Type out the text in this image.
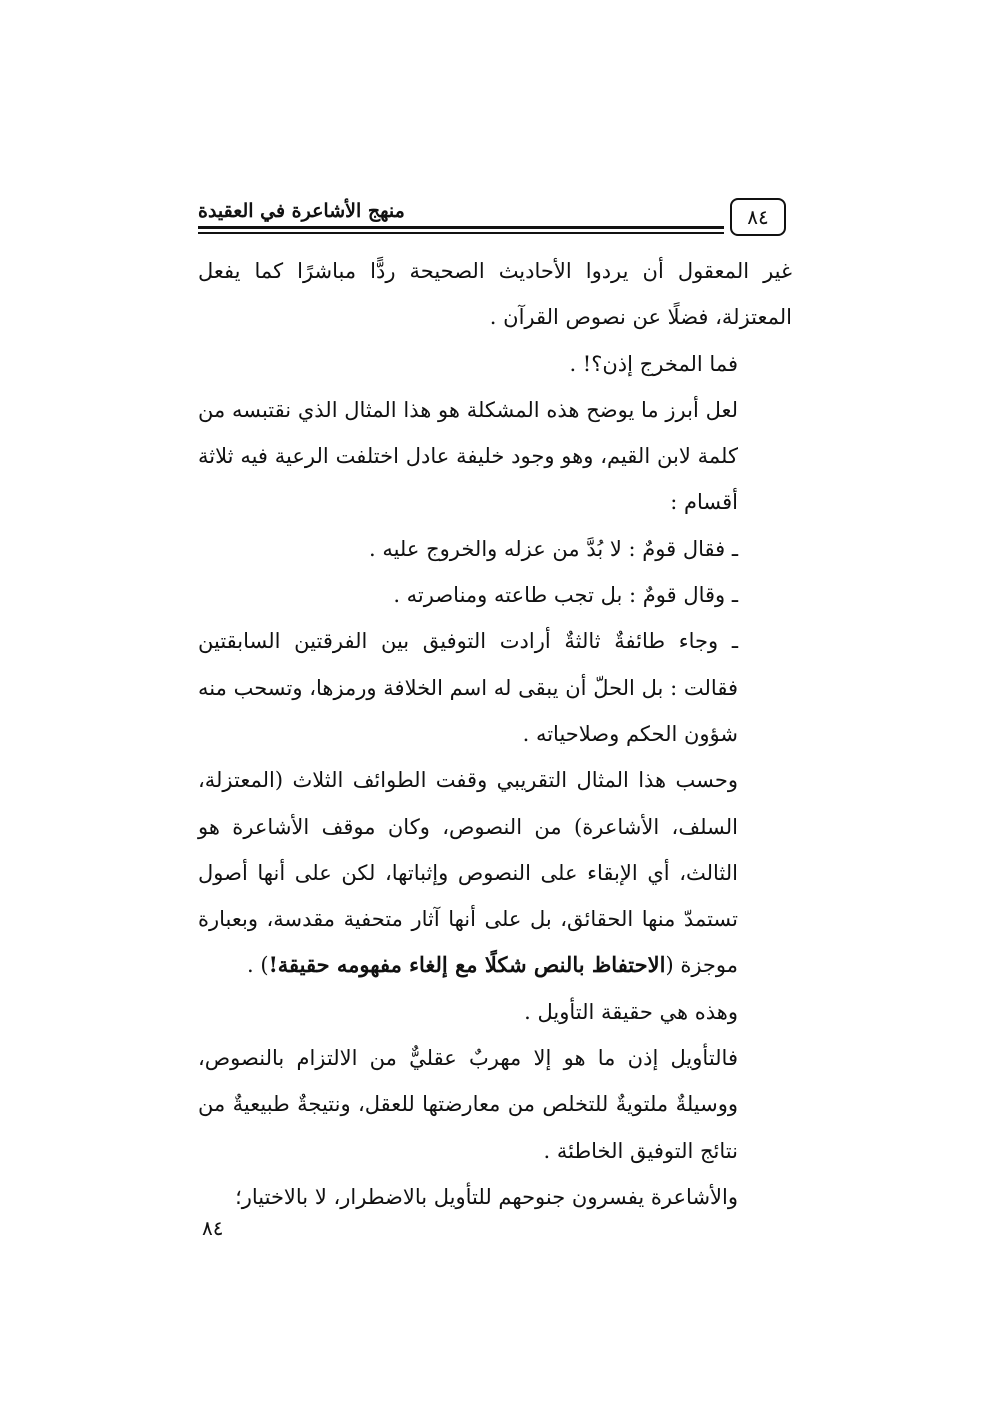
٨٤
منهج الأشاعرة في العقيدة

غير المعقول أن يردوا الأحاديث الصحيحة ردًّا مباشرًا كما يفعل المعتزلة، فضلًا عن نصوص القرآن .

فما المخرج إذن؟! .

لعل أبرز ما يوضح هذه المشكلة هو هذا المثال الذي نقتبسه من كلمة لابن القيم، وهو وجود خليفة عادل اختلفت الرعية فيه ثلاثة أقسام :

ـ فقال قومٌ : لا بُدَّ من عزله والخروج عليه .

ـ وقال قومٌ : بل تجب طاعته ومناصرته .

ـ وجاء طائفةٌ ثالثةٌ أرادت التوفيق بين الفرقتين السابقتين فقالت : بل الحلّ أن يبقى له اسم الخلافة ورمزها، وتسحب منه شؤون الحكم وصلاحياته .

وحسب هذا المثال التقريبي وقفت الطوائف الثلاث (المعتزلة، السلف، الأشاعرة) من النصوص، وكان موقف الأشاعرة هو الثالث، أي الإبقاء على النصوص وإثباتها، لكن على أنها أصول تستمدّ منها الحقائق، بل على أنها آثار متحفية مقدسة، وبعبارة موجزة (الاحتفاظ بالنص شكلًا مع إلغاء مفهومه حقيقة!) .

وهذه هي حقيقة التأويل .

فالتأويل إذن ما هو إلا مهربٌ عقليٌّ من الالتزام بالنصوص، ووسيلةٌ ملتويةٌ للتخلص من معارضتها للعقل، ونتيجةٌ طبيعيةٌ من نتائج التوفيق الخاطئة .

والأشاعرة يفسرون جنوحهم للتأويل بالاضطرار، لا بالاختيار؛

٨٤
